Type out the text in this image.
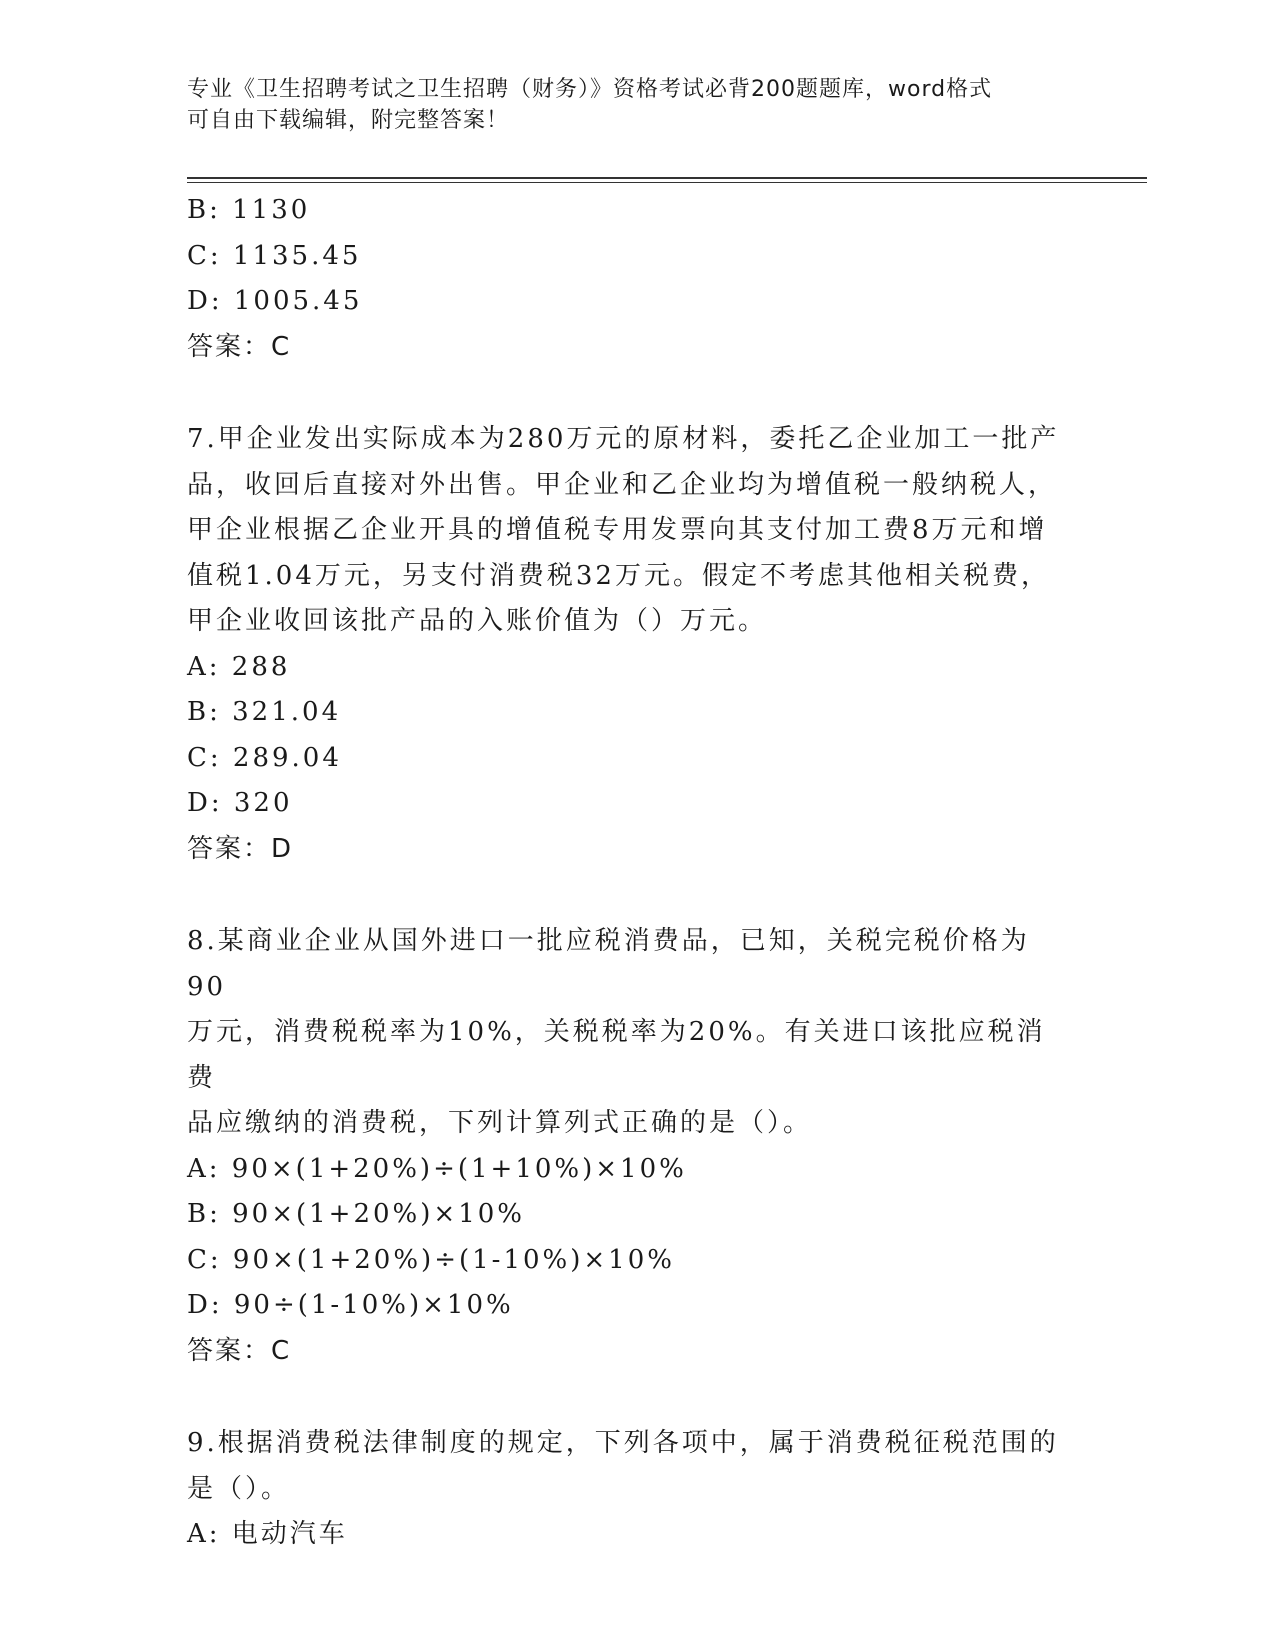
专业《卫生招聘考试之卫生招聘（财务）》资格考试必背200题题库，word格式
可自由下载编辑，附完整答案！
B: 1130
C: 1135.45
D: 1005.45
答案：C
7.甲企业发出实际成本为280万元的原材料，委托乙企业加工一批产
品，收回后直接对外出售。甲企业和乙企业均为增值税一般纳税人，
甲企业根据乙企业开具的增值税专用发票向其支付加工费8万元和增
值税1.04万元，另支付消费税32万元。假定不考虑其他相关税费，
甲企业收回该批产品的入账价值为（）万元。
A: 288
B: 321.04
C: 289.04
D: 320
答案：D
8.某商业企业从国外进口一批应税消费品，已知，关税完税价格为90
万元，消费税税率为10%，关税税率为20%。有关进口该批应税消费
品应缴纳的消费税，下列计算列式正确的是（）。
A: 90×(1+20%)÷(1+10%)×10%
B: 90×(1+20%)×10%
C: 90×(1+20%)÷(1-10%)×10%
D: 90÷(1-10%)×10%
答案：C
9.根据消费税法律制度的规定，下列各项中，属于消费税征税范围的
是（）。
A: 电动汽车
